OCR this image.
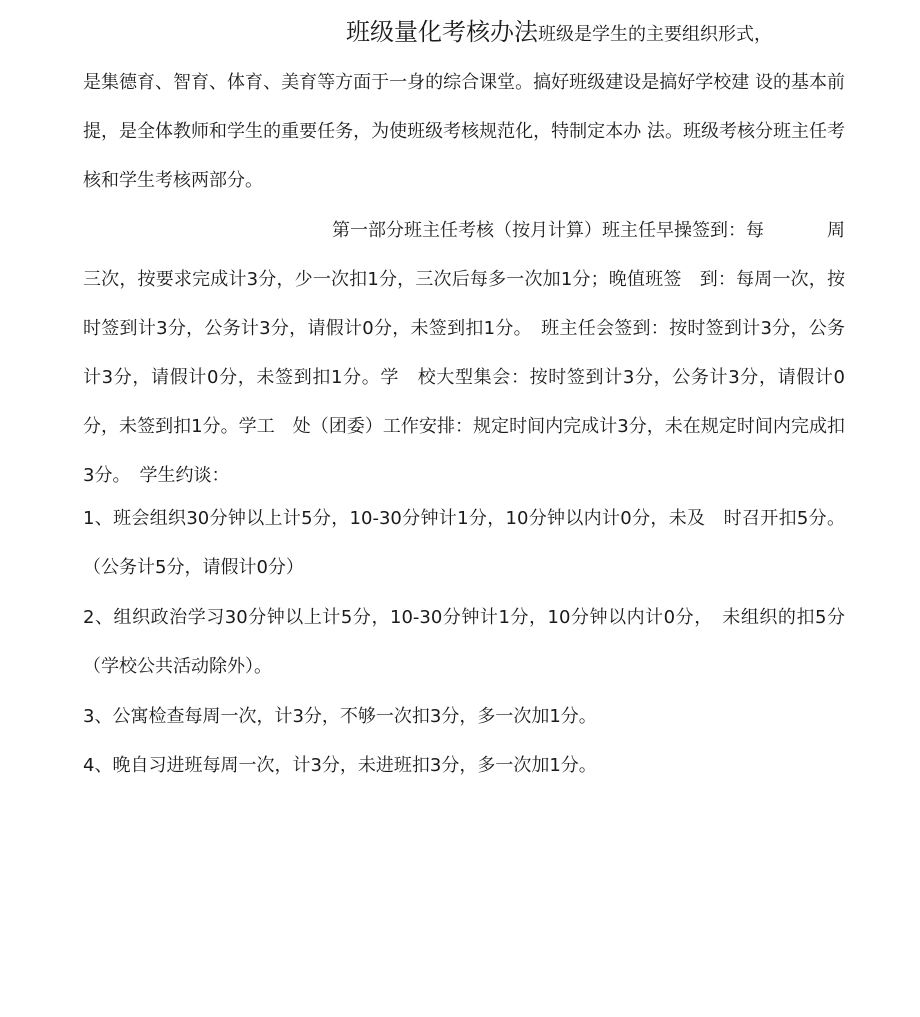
班级量化考核办法班级是学生的主要组织形式，

是集德育、智育、体育、美育等方面于一身的综合课堂。搞好班级建设是搞好学校建 设的基本前提，是全体教师和学生的重要任务，为使班级考核规范化，特制定本办 法。班级考核分班主任考核和学生考核两部分。

第一部分班主任考核（按月计算）班主任早操签到：每	周

三次，按要求完成计3分，少一次扣1分，三次后每多一次加1分；晚值班签　到：每周一次，按时签到计3分，公务计3分，请假计0分，未签到扣1分。　班主任会签到：按时签到计3分，公务计3分，请假计0分，未签到扣1分。学　校大型集会：按时签到计3分，公务计3分，请假计0分，未签到扣1分。学工　处（团委）工作安排：规定时间内完成计3分，未在规定时间内完成扣3分。　学生约谈：

1、班会组织30分钟以上计5分，10-30分钟计1分，10分钟以内计0分，未及　时召开扣5分。（公务计5分，请假计0分）

2、组织政治学习30分钟以上计5分，10-30分钟计1分，10分钟以内计0分，　未组织的扣5分（学校公共活动除外）。

3、公寓检查每周一次，计3分，不够一次扣3分，多一次加1分。

4、晚自习进班每周一次，计3分，未进班扣3分，多一次加1分。
